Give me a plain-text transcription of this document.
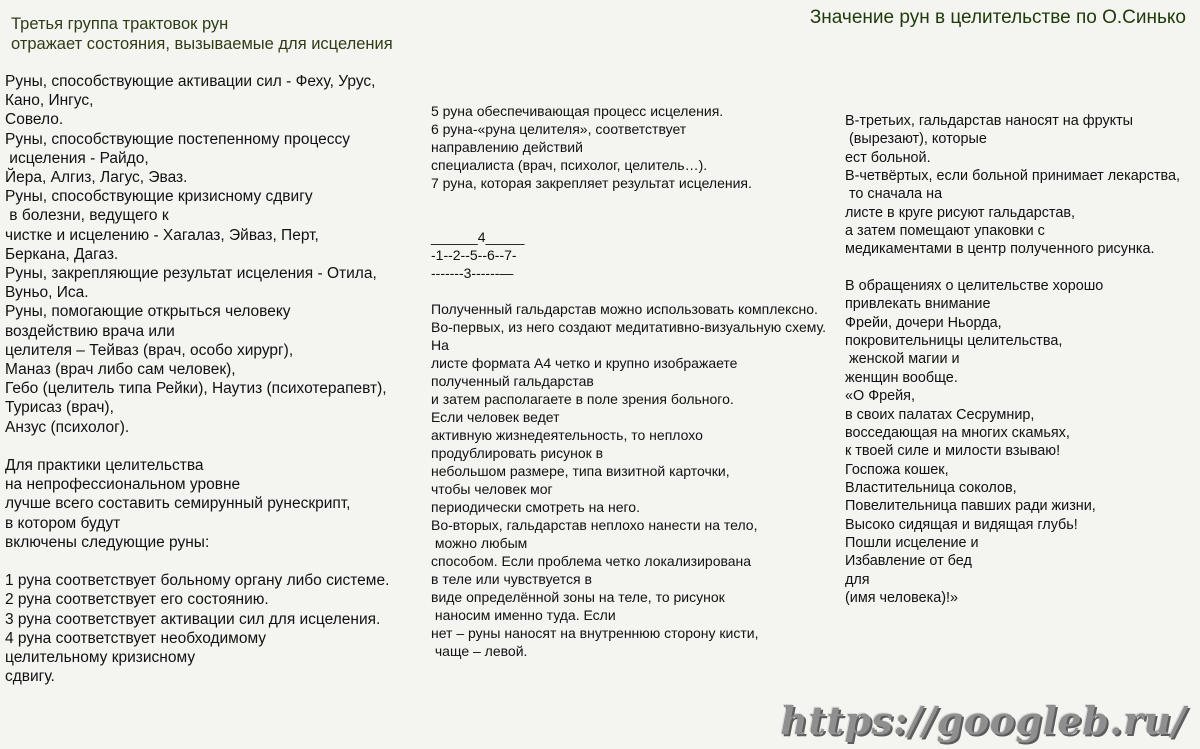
Третья группа трактовок рун
отражает состояния, вызываемые для исцеления
Значение рун в целительстве по О.Синько
Руны, способствующие активации сил - Феху, Урус,
Кано, Ингус,
Совело.
Руны, способствующие постепенному процессу
исцеления - Райдо,
Йера, Алгиз, Лагус, Эваз.
Руны, способствующие кризисному сдвигу
в болезни, ведущего к
чистке и исцелению - Хагалаз, Эйваз, Перт,
Беркана, Дагаз.
Руны, закрепляющие результат исцеления - Отила,
Вуньо, Иса.
Руны, помогающие открыться человеку
воздействию врача или
целителя – Тейваз (врач, особо хирург),
Маназ (врач либо сам человек),
Гебо (целитель типа Рейки), Наутиз (психотерапевт),
Турисаз (врач),
Анзус (психолог).

Для практики целительства
на непрофессиональном уровне
лучше всего составить семирунный рунескрипт,
в котором будут
включены следующие руны:

1 руна соответствует больному органу либо системе.
2 руна соответствует его состоянию.
3 руна соответствует активации сил для исцеления.
4 руна соответствует необходимому
целительному кризисному
сдвигу.
5 руна обеспечивающая процесс исцеления.
6 руна-«руна целителя», соответствует
направлению действий
специалиста (врач, психолог, целитель…).
7 руна, которая закрепляет результат исцеления.

______4_____
-1--2--5--6--7-
-------3------—

Полученный гальдарстав можно использовать комплексно.
Во-первых, из него создают медитативно-визуальную схему.
На
листе формата А4 четко и крупно изображаете
полученный гальдарстав
и затем располагаете в поле зрения больного.
Если человек ведет
активную жизнедеятельность, то неплохо
продублировать рисунок в
небольшом размере, типа визитной карточки,
чтобы человек мог
периодически смотреть на него.
Во-вторых, гальдарстав неплохо нанести на тело,
можно любым
способом. Если проблема четко локализирована
в теле или чувствуется в
виде определённой зоны на теле, то рисунок
наносим именно туда. Если
нет – руны наносят на внутреннюю сторону кисти,
чаще – левой.
В-третьих, гальдарстав наносят на фрукты
(вырезают), которые
ест больной.
В-четвёртых, если больной принимает лекарства,
то сначала на
листе в круге рисуют гальдарстав,
а затем помещают упаковки с
медикаментами в центр полученного рисунка.

В обращениях о целительстве хорошо
привлекать внимание
Фрейи, дочери Ньорда,
покровительницы целительства,
женской магии и
женщин вообще.
«О Фрейя,
в своих палатах Сесрумнир,
восседающая на многих скамьях,
к твоей силе и милости взываю!
Госпожа кошек,
Властительница соколов,
Повелительница павших ради жизни,
Высоко сидящая и видящая глубь!
Пошли исцеление и
Избавление от бед
для
(имя человека)!»
https://googleb.ru/
